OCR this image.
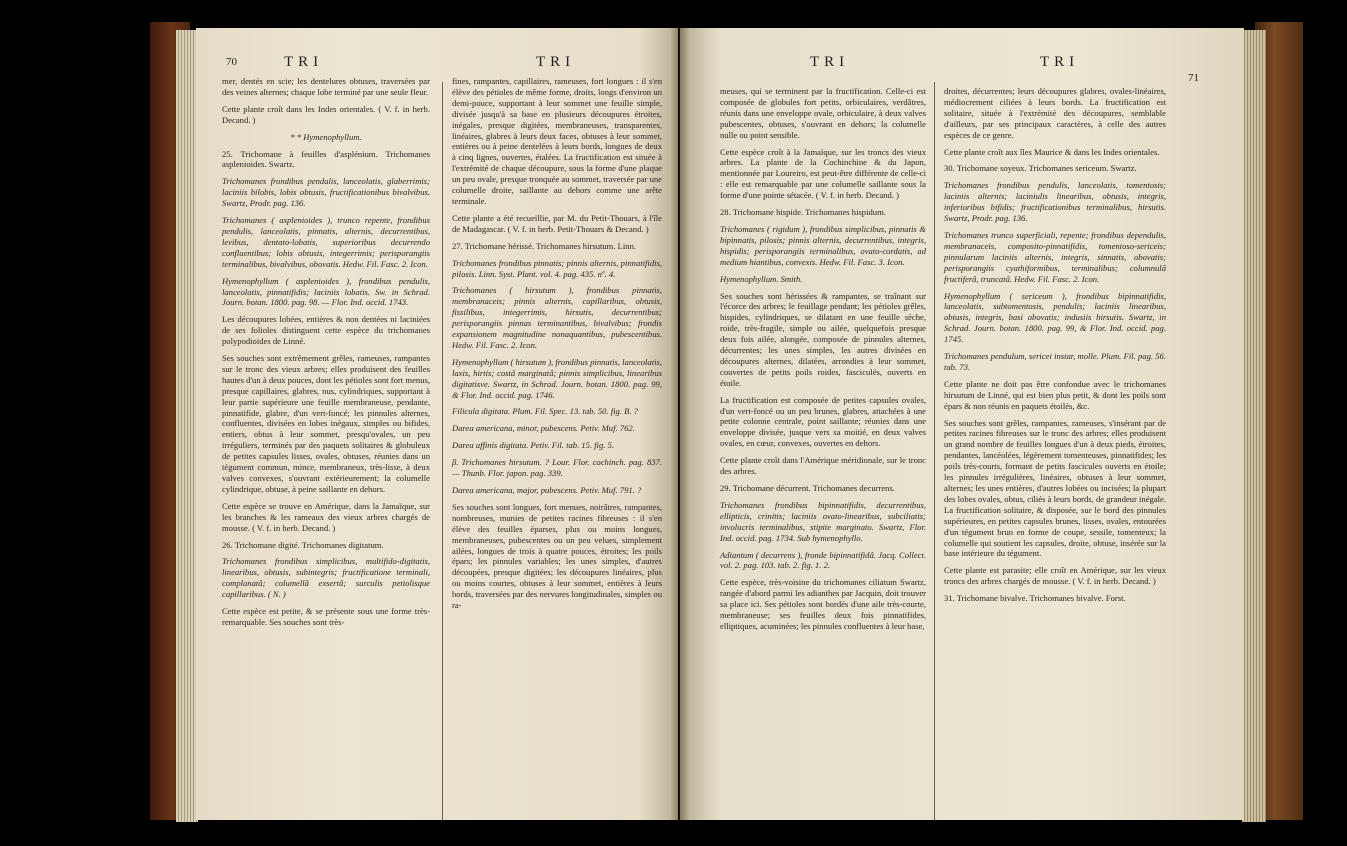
70	TRI	TRI

mer, dentés en scie; les dentelures obtuses, traversées par des veines alternes; chaque lobe terminé par une seule fleur.

Cette plante croît dans les Indes orientales. ( V. f. in herb. Decand. )

* * Hymenophyllum.

25. Trichomane à feuilles d'asplénium. Trichomanes asplenioides. Swartz.

Trichomanes frondibus pendulis, lanceolatis, glaberrimis; laciniis bilobis, lobis obtusis, fructificationibus bivalvibus. Swartz, Prodr. pag. 136.

Trichomanes ( asplenioides ), trunco repente, frondibus pendulis, lanceolatis, pinnatis, alternis, decurrentibus, levibus, dentato-lobatis, superioribus decurrendo confluentibus; lobis obtusis, integerrimis; perisporangiis terminalibus, bivalvibus, obovatis. Hedw. Fil. Fasc. 2. Icon.

Hymenophyllum ( asplenioides ), frondibus pendulis, lanceolatis, pinnatifidis; laciniis lobatis. Sw. in Schrad. Journ. botan. 1800. pag. 98. — Flor. Ind. occid. 1743.

Les découpures lobées, entières & non dentées ni laciniées de ses folioles distinguent cette espèce du trichomanes polypodioides de Linné.

Ses souches sont extrêmement grêles, rameuses, rampantes sur le tronc des vieux arbres; elles produisent des feuilles hautes d'un à deux pouces, dont les pétioles sont fort menus, presque capillaires, glabres, nus, cylindriques, supportant à leur partie supérieure une feuille membraneuse, pendante, pinnatifide, glabre, d'un vert-foncé; les pinnules alternes, confluentes, divisées en lobes inégaux, simples ou bifides, entiers, obtus à leur sommet, presqu'ovales, un peu irréguliers, terminés par des paquets solitaires & globuleux de petites capsules lisses, ovales, obtuses, réunies dans un tégument commun, mince, membraneux, très-lisse, à deux valves convexes, s'ouvrant extérieurement; la columelle cylindrique, obtuse, à peine saillante en dehors.

Cette espèce se trouve en Amérique, dans la Jamaïque, sur les branches & les rameaux des vieux arbres chargés de mousse. ( V. f. in herb. Decand. )

26. Trichomane digité. Trichomanes digitatum.

Trichomanes frondibus simplicibus, multifido-digitatis, linearibus, obtusis, subintegris; fructificatione terminali, complanatâ; columellâ exsertâ; surculis petiolisque capillaribus. ( N. )

Cette espèce est petite, & se présente sous une forme très-remarquable. Ses souches sont très-

fines, rampantes, capillaires, rameuses, fort longues : il s'en élève des pétioles de même forme, droits, longs d'environ un demi-pouce, supportant à leur sommet une feuille simple, divisée jusqu'à sa base en plusieurs découpures étroites, inégales, presque digitées, membraneuses, transparentes, linéaires, glabres à leurs deux faces, obtuses à leur sommet, entières ou à peine dentelées à leurs bords, longues de deux à cinq lignes, ouvertes, étalées. La fructification est située à l'extrémité de chaque découpure, sous la forme d'une plaque un peu ovale, presque tronquée au sommet, traversée par une columelle droite, saillante au dehors comme une arête terminale.

Cette plante a été recueillie, par M. du Petit-Thouars, à l'île de Madagascar. ( V. f. in herb. Petit-Thouars & Decand. )

27. Trichomane hérissé. Trichomanes hirsutum. Linn.

Trichomanes frondibus pinnatis; pinnis alternis, pinnatifidis, pilosis. Linn. Syst. Plant. vol. 4. pag. 435. nº. 4.

Trichomanes ( hirsutum ), frondibus pinnatis, membranaceis; pinnis alternis, capillaribus, obtusis, fissilibus, integerrimis, hirsutis, decurrentibus; perisporangiis pinnas terminantibus, bivalvibus; frondis expansionem magnitudine nonaquantibus, pubescentibus. Hedw. Fil. Fasc. 2. Icon.

Hymenophyllum ( hirsutum ), frondibus pinnatis, lanceolatis, laxis, hirtis; costâ marginatâ; pinnis simplicibus, linearibus digitatisve. Swartz, in Schrad. Journ. botan. 1800. pag. 99, & Flor. Ind. occid. pag. 1746.

Filicula digitata. Plum. Fil. Spec. 13. tab. 50. fig. B. ?

Darea americana, minor, pubescens. Petiv. Muf. 762.

Darea affinis digitata. Petiv. Fil. tab. 15. fig. 5.

β. Trichomanes hirsutum. ? Lour. Flor. cochinch. pag. 837. — Thunb. Flor. japon. pag. 339.

Darea americana, major, pubescens. Petiv. Muf. 791. ?

Ses souches sont longues, fort menues, noirâtres, rampantes, nombreuses, munies de petites racines fibreuses : il s'en élève des feuilles éparses, plus ou moins longues, membraneuses, pubescentes ou un peu velues, simplement ailées, longues de trois à quatre pouces, étroites; les poils épars; les pinnules variables; les unes simples, d'autres découpées, presque digitées; les découpures linéaires, plus ou moins courtes, obtuses à leur sommet, entières à leurs bords, traversées par des nervures longitudinales, simples ou ra-

TRI	TRI
71

meuses, qui se terminent par la fructification. Celle-ci est composée de globules fort petits, orbiculaires, verdâtres, réunis dans une enveloppe ovale, orbiculaire, à deux valves pubescentes, obtuses, s'ouvrant en dehors; la columelle nulle ou point sensible.

Cette espèce croît à la Jamaïque, sur les troncs des vieux arbres. La plante de la Cochinchine & du Japon, mentionnée par Loureiro, est peut-être différente de celle-ci : elle est remarquable par une columelle saillante sous la forme d'une pointe sétacée. ( V. f. in herb. Decand. )

28. Trichomane hispide. Trichomanes hispidum.

Trichomanes ( rigidum ), frondibus simplicibus, pinnatis & bipinnatis, pilosis; pinnis alternis, decurrentibus, integris, hispidis; perisporangiis terminalibus, ovato-cordatis, ad medium hiantibus, convexis. Hedw. Fil. Fasc. 3. Icon.

Hymenophyllum. Smith.

Ses souches sont hérissées & rampantes, se traînant sur l'écorce des arbres; le feuillage pendant; les pétioles grêles, hispides, cylindriques, se dilatant en une feuille sèche, roide, très-fragile, simple ou ailée, quelquefois presque deux fois ailée, alongée, composée de pinnules alternes, décurrentes; les unes simples, les autres divisées en découpures alternes, dilatées, arrondies à leur sommet, couvertes de petits poils roides, fasciculés, ouverts en étoile.

La fructification est composée de petites capsules ovales, d'un vert-foncé ou un peu brunes, glabres, attachées à une petite colonne centrale, point saillante; réunies dans une enveloppe divisée, jusque vers sa moitié, en deux valves ovales, en cœur, convexes, ouvertes en dehors.

Cette plante croît dans l'Amérique méridionale, sur le tronc des arbres.

29. Trichomane décurrent. Trichomanes decurrens.

Trichomanes frondibus bipinnatifidis, decurrentibus, ellipticis, crinitis; laciniis ovato-linearibus, subciliatis; involucris terminalibus, stipite marginato. Swartz, Flor. Ind. occid. pag. 1734. Sub hymenophyllo.

Adiantum ( decurrens ), fronde bipinnatifidâ. Jacq. Collect. vol. 2. pag. 103. tab. 2. fig. 1. 2.

Cette espèce, très-voisine du trichomanes ciliatum Swartz, rangée d'abord parmi les adianthes par Jacquin, doit trouver sa place ici. Ses pétioles sont bordés d'une aile très-courte, membraneuse; ses feuilles deux fois pinnatifides, elliptiques, acuminées; les pinnules confluentes à leur base,

droites, décurrentes; leurs découpures glabres, ovales-linéaires, médiocrement ciliées à leurs bords. La fructification est solitaire, située à l'extrémité des découpures, semblable d'ailleurs, par ses principaux caractères, à celle des autres espèces de ce genre.

Cette plante croît aux îles Maurice & dans les Indes orientales.

30. Trichomane soyeux. Trichomanes sericeum. Swartz.

Trichomanes frondibus pendulis, lanceolatis, tomentosis; laciniis alternis; laciniulis linearibus, obtusis, integris, inferioribus bifidis; fructificationibus terminalibus, hirsutis. Swartz, Prodr. pag. 136.

Trichomanes trunco superficiali, repente; frondibus dependulis, membranaceis, composito-pinnatifidis, tomentoso-sericeis; pinnularum laciniis alternis, integris, sinnatis, obovatis; perisporangiis cyathiformibus, terminalibus; columnulâ fructiferâ, truncatâ. Hedw. Fil. Fasc. 2. Icon.

Hymenophyllum ( sericeum ), frondibus bipinnatifidis, lanceolatis, subtomentosis, pendulis; laciniis linearibus, obtusis, integris, basi obovatis; indusiis hirsutis. Swartz, in Schrad. Journ. botan. 1800. pag. 99, & Flor. Ind. occid. pag. 1745.

Trichomanes pendulum, sericei instar, molle. Plum. Fil. pag. 56. tab. 73.

Cette plante ne doit pas être confondue avec le trichomanes hirsutum de Linné, qui est bien plus petit, & dont les poils sont épars & non réunis en paquets étoilés, &c.

Ses souches sont grêles, rampantes, rameuses, s'insérant par de petites racines fibreuses sur le tronc des arbres; elles produisent un grand nombre de feuilles longues d'un à deux pieds, étroites, pendantes, lancéolées, légèrement tomenteuses, pinnatifides; les poils très-courts, formant de petits fascicules ouverts en étoile; les pinnules irrégulières, linéaires, obtuses à leur sommet, alternes; les unes entières, d'autres lobées ou incisées; la plupart des lobes ovales, obtus, ciliés à leurs bords, de grandeur inégale. La fructification solitaire, & disposée, sur le bord des pinnules supérieures, en petites capsules brunes, lisses, ovales, entourées d'un tégument brun en forme de coupe, sessile, tomenteux; la columelle qui soutient les capsules, droite, obtuse, insérée sur la base intérieure du tégument.

Cette plante est parasite; elle croît en Amérique, sur les vieux troncs des arbres chargés de mousse. ( V. f. in herb. Decand. )

31. Trichomane bivalve. Trichomanes bivalve. Forst.
